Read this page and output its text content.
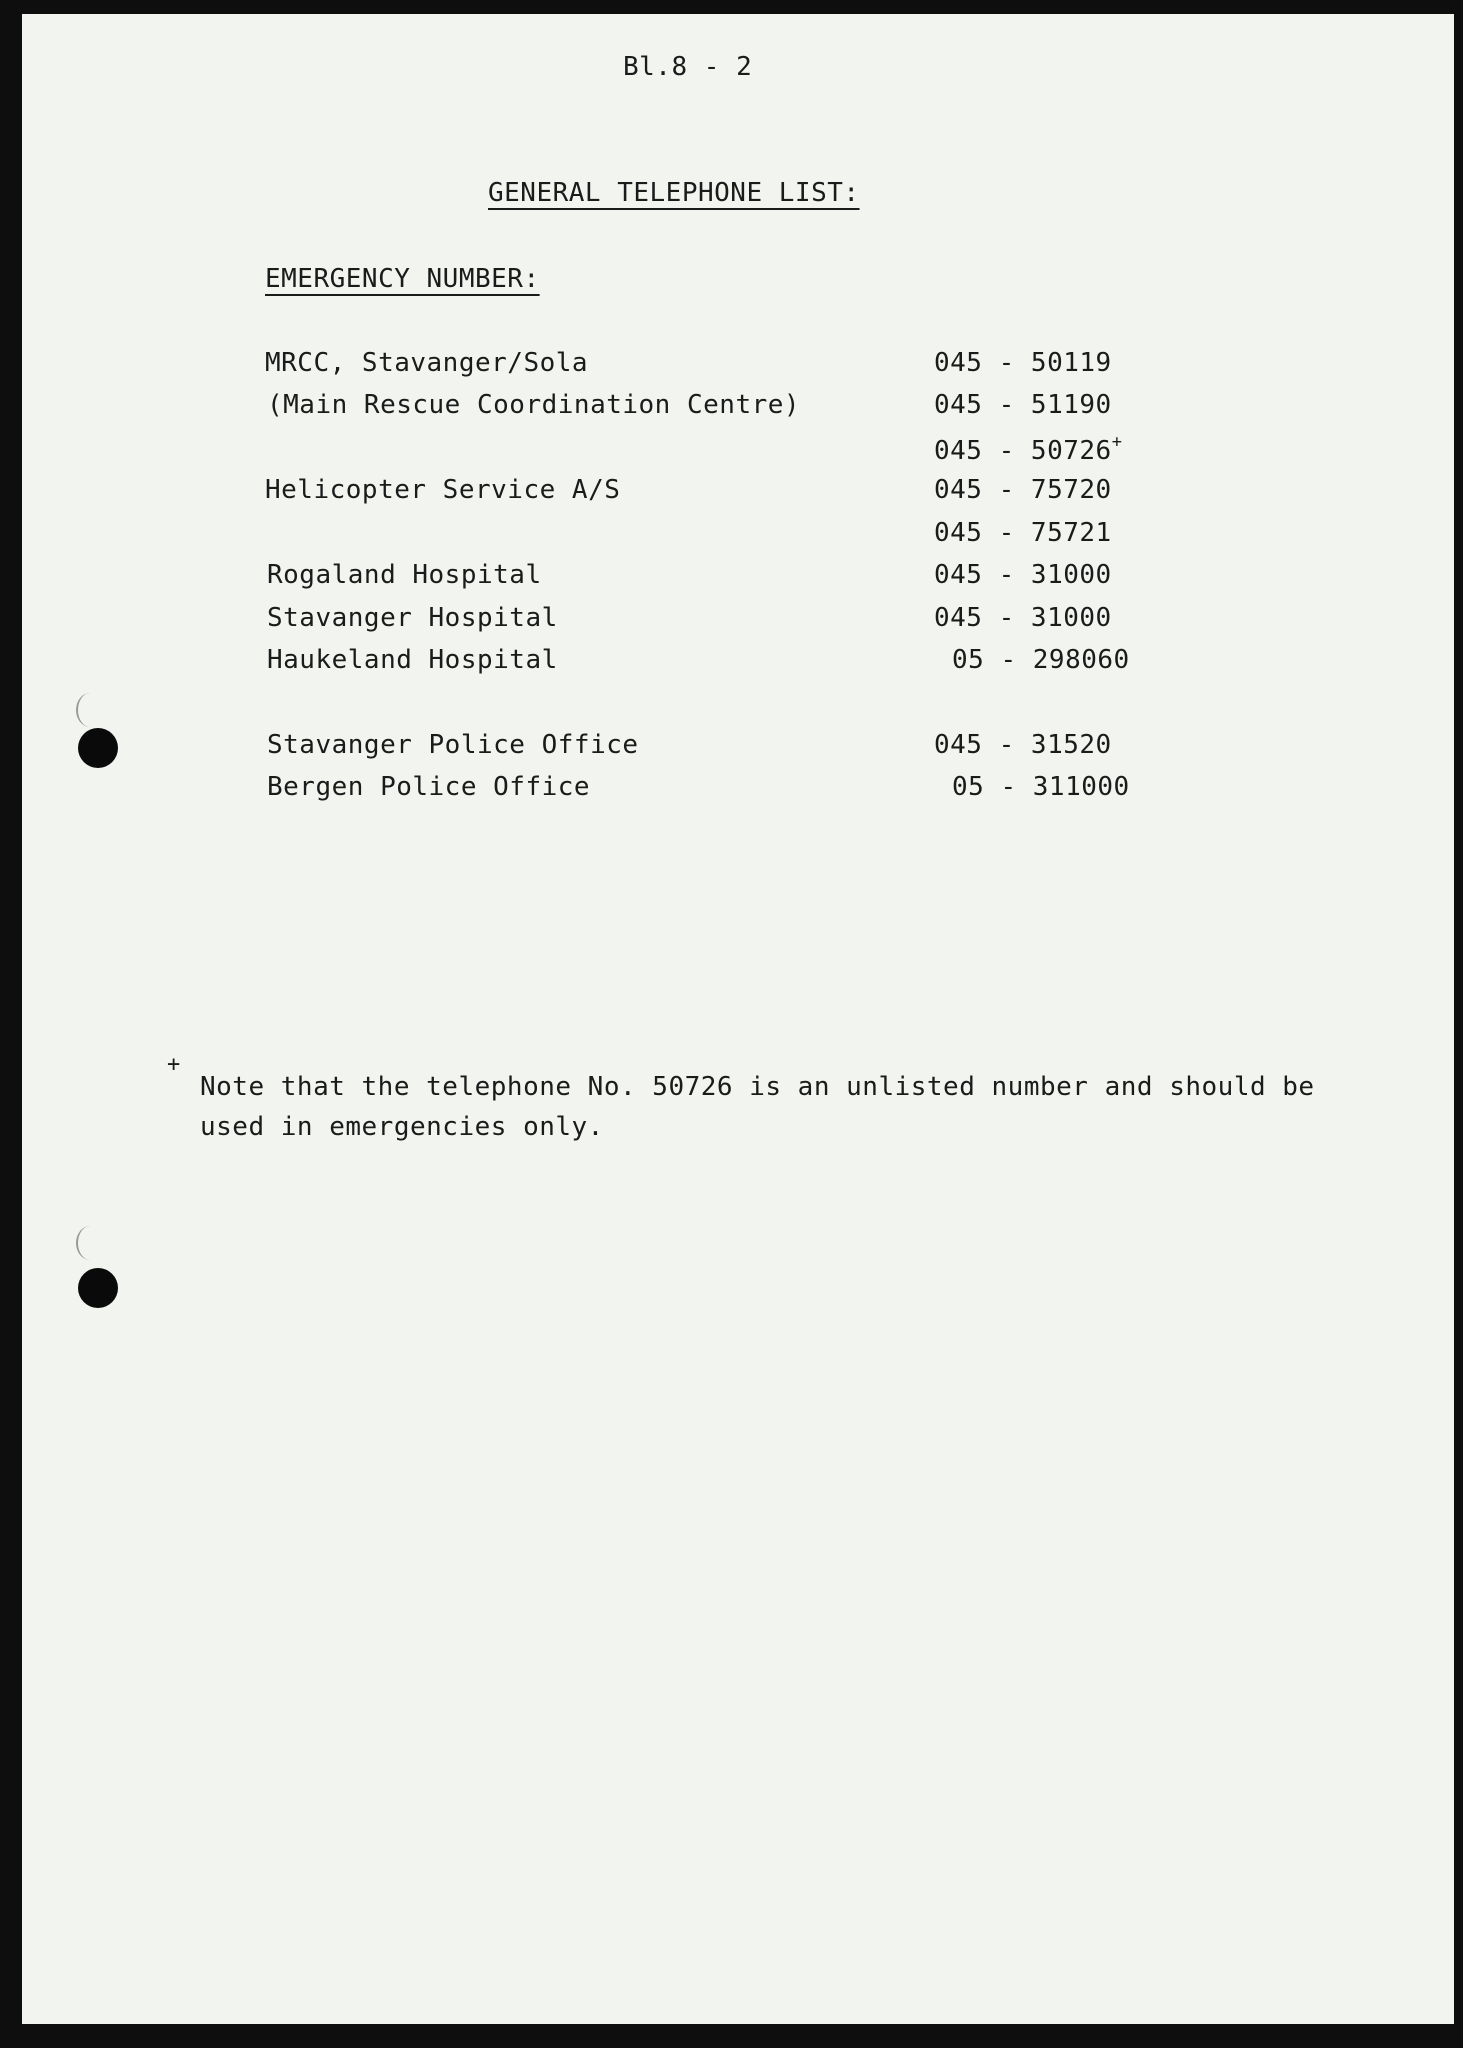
Bl.8 - 2
GENERAL TELEPHONE LIST:
EMERGENCY NUMBER:
MRCC, Stavanger/Sola
(Main Rescue Coordination Centre)
Helicopter Service A/S
Rogaland Hospital
Stavanger Hospital
Haukeland Hospital
Stavanger Police Office
Bergen Police Office
045 - 50119
045 - 51190
045 - 50726+
045 - 75720
045 - 75721
045 - 31000
045 - 31000
05 - 298060
045 - 31520
05 - 311000
+
Note that the telephone No. 50726 is an unlisted number and should be used in emergencies only.
